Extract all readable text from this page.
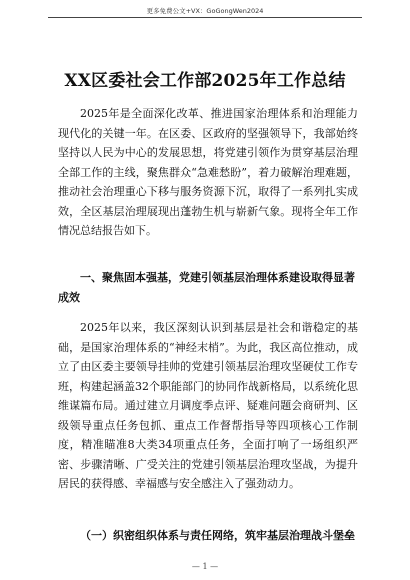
更多免费公文+VX：GoGongWen2024
XX区委社会工作部2025年工作总结

2025年是全面深化改革、推进国家治理体系和治理能力现代化的关键一年。在区委、区政府的坚强领导下，我部始终坚持以人民为中心的发展思想，将党建引领作为贯穿基层治理全部工作的主线，聚焦群众“急难愁盼”，着力破解治理难题，推动社会治理重心下移与服务资源下沉，取得了一系列扎实成效，全区基层治理展现出蓬勃生机与崭新气象。现将全年工作情况总结报告如下。

一、聚焦固本强基，党建引领基层治理体系建设取得显著成效

2025年以来，我区深刻认识到基层是社会和谐稳定的基础，是国家治理体系的“神经末梢”。为此，我区高位推动，成立了由区委主要领导挂帅的党建引领基层治理攻坚硬仗工作专班，构建起涵盖32个职能部门的协同作战新格局，以系统化思维谋篇布局。通过建立月调度季点评、疑难问题会商研判、区级领导重点任务包抓、重点工作督帮指导等四项核心工作制度，精准瞄准8大类34项重点任务，全面打响了一场组织严密、步骤清晰、广受关注的党建引领基层治理攻坚战，为提升居民的获得感、幸福感与安全感注入了强劲动力。

（一）织密组织体系与责任网络，筑牢基层治理战斗堡垒

— 1 —
